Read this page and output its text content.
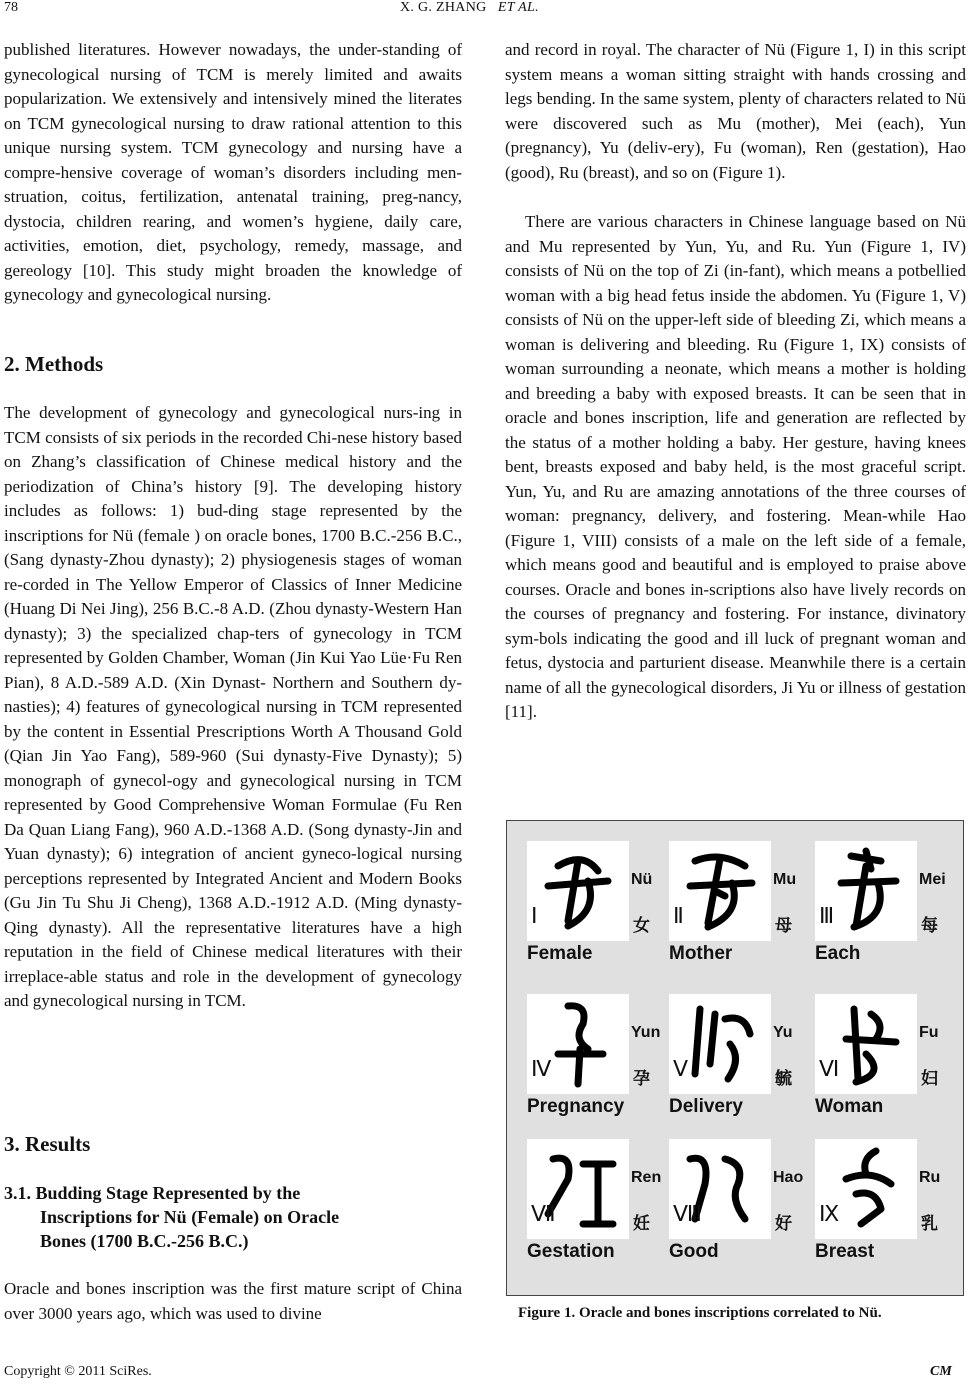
78	X. G. ZHANG ET AL.

published literatures. However nowadays, the under-standing of gynecological nursing of TCM is merely limited and awaits popularization. We extensively and intensively mined the literates on TCM gynecological nursing to draw rational attention to this unique nursing system. TCM gynecology and nursing have a compre-hensive coverage of woman’s disorders including men-struation, coitus, fertilization, antenatal training, preg-nancy, dystocia, children rearing, and women’s hygiene, daily care, activities, emotion, diet, psychology, remedy, massage, and gereology [10]. This study might broaden the knowledge of gynecology and gynecological nursing.

2. Methods

The development of gynecology and gynecological nurs-ing in TCM consists of six periods in the recorded Chi-nese history based on Zhang’s classification of Chinese medical history and the periodization of China’s history [9]. The developing history includes as follows: 1) bud-ding stage represented by the inscriptions for Nü (female ) on oracle bones, 1700 B.C.-256 B.C., (Sang dynasty-Zhou dynasty); 2) physiogenesis stages of woman re-corded in The Yellow Emperor of Classics of Inner Medicine (Huang Di Nei Jing), 256 B.C.-8 A.D. (Zhou dynasty-Western Han dynasty); 3) the specialized chap-ters of gynecology in TCM represented by Golden Chamber, Woman (Jin Kui Yao Lüe·Fu Ren Pian), 8 A.D.-589 A.D. (Xin Dynast- Northern and Southern dy-nasties); 4) features of gynecological nursing in TCM represented by the content in Essential Prescriptions Worth A Thousand Gold (Qian Jin Yao Fang), 589-960 (Sui dynasty-Five Dynasty); 5) monograph of gynecol-ogy and gynecological nursing in TCM represented by Good Comprehensive Woman Formulae (Fu Ren Da Quan Liang Fang), 960 A.D.-1368 A.D. (Song dynasty-Jin and Yuan dynasty); 6) integration of ancient gyneco-logical nursing perceptions represented by Integrated Ancient and Modern Books (Gu Jin Tu Shu Ji Cheng), 1368 A.D.-1912 A.D. (Ming dynasty-Qing dynasty). All the representative literatures have a high reputation in the field of Chinese medical literatures with their irreplace-able status and role in the development of gynecology and gynecological nursing in TCM.

3. Results
3.1. Budding Stage Represented by the
Inscriptions for Nü (Female) on Oracle
Bones (1700 B.C.-256 B.C.)

Oracle and bones inscription was the first mature script of China over 3000 years ago, which was used to divine

and record in royal. The character of Nü (Figure 1, I) in this script system means a woman sitting straight with hands crossing and legs bending. In the same system, plenty of characters related to Nü were discovered such as Mu (mother), Mei (each), Yun (pregnancy), Yu (deliv-ery), Fu (woman), Ren (gestation), Hao (good), Ru (breast), and so on (Figure 1).

There are various characters in Chinese language based on Nü and Mu represented by Yun, Yu, and Ru. Yun (Figure 1, IV) consists of Nü on the top of Zi (in-fant), which means a potbellied woman with a big head fetus inside the abdomen. Yu (Figure 1, V) consists of Nü on the upper-left side of bleeding Zi, which means a woman is delivering and bleeding. Ru (Figure 1, IX) consists of woman surrounding a neonate, which means a mother is holding and breeding a baby with exposed breasts. It can be seen that in oracle and bones inscription, life and generation are reflected by the status of a mother holding a baby. Her gesture, having knees bent, breasts exposed and baby held, is the most graceful script. Yun, Yu, and Ru are amazing annotations of the three courses of woman: pregnancy, delivery, and fostering. Mean-while Hao (Figure 1, VIII) consists of a male on the left side of a female, which means good and beautiful and is employed to praise above courses. Oracle and bones in-scriptions also have lively records on the courses of pregnancy and fostering. For instance, divinatory sym-bols indicating the good and ill luck of pregnant woman and fetus, dystocia and parturient disease. Meanwhile there is a certain name of all the gynecological disorders, Ji Yu or illness of gestation [11].

Ⅰ
Nü
女
Female
Ⅱ
Mu
母
Mother
Ⅲ
Mei
每
Each
Ⅳ
Yun
孕
Pregnancy
Ⅴ
Yu
毓
Delivery
Ⅵ
Fu
妇
Woman
Ⅶ
Ren
妊
Gestation
Ⅷ
Hao
好
Good
Ⅸ
Ru
乳
Breast
Figure 1. Oracle and bones inscriptions correlated to Nü.
Copyright © 2011 SciRes.	CM
